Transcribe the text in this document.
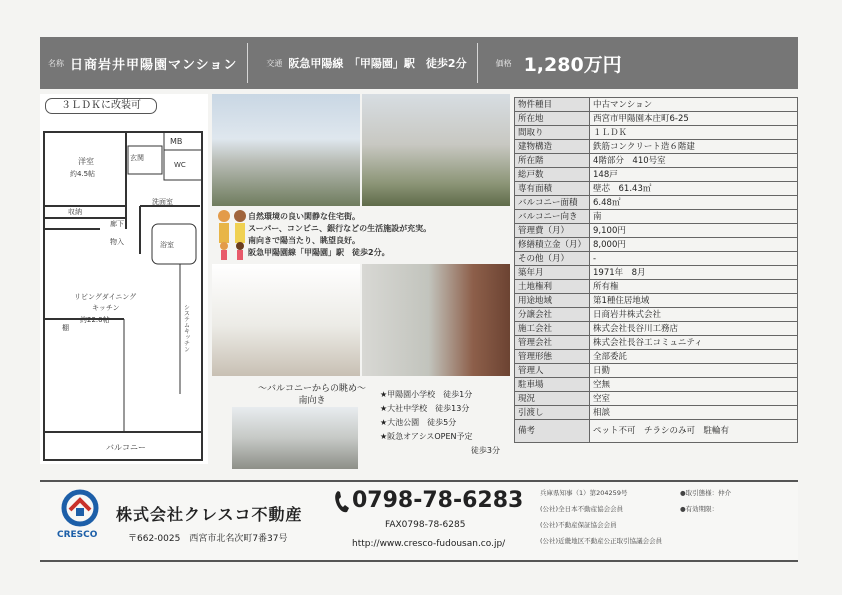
名称 日商岩井甲陽園マンション	交通 阪急甲陽線　「甲陽園」駅　徒歩2分	価格 1,280万円
洋室
約4.5帖
MB
WC
玄関
洗面室
収納
廊下
浴室
物入
リビングダイニング
キッチン
約22.0帖
棚	システムキッチン
バルコニー
３ＬＤＫに改装可
自然環境の良い閑静な住宅街。
スーパー、コンビニ、銀行などの生活施設が充実。
南向きで陽当たり、眺望良好。
阪急甲陽園線「甲陽園」駅　徒歩2分。
～バルコニーからの眺め～
南向き
★甲陽園小学校　徒歩1分
★大社中学校　徒歩13分
★大池公園　徒歩5分
★阪急オアシスOPEN予定
徒歩3分
物件種目	中古マンション
所在地	西宮市甲陽園本庄町6-25
間取り	１ＬＤＫ
建物構造	鉄筋コンクリート造６階建
所在階	4階部分　410号室
総戸数	148戸
専有面積	壁芯　61.43㎡
バルコニー面積	6.48㎡
バルコニー向き	南
管理費（月）	9,100円
修繕積立金（月）	8,000円
その他（月）	-
築年月	1971年　8月
土地権利	所有権
用途地域	第1種住居地域
分譲会社	日商岩井株式会社
施工会社	株式会社長谷川工務店
管理会社	株式会社長谷工コミュニティ
管理形態	全部委託
管理人	日勤
駐車場	空無
現況	空室
引渡し	相談
備考	ペット不可　チラシのみ可　駐輪有
CRESCO
株式会社クレスコ不動産
〒662-0025　西宮市北名次町7番37号
0798-78-6283
FAX0798-78-6285
http://www.cresco-fudousan.co.jp/
兵庫県知事（1）第204259号
(公社)全日本不動産協会会員
(公社)不動産保証協会会員
(公社)近畿地区不動産公正取引協議会会員
●取引態様：仲介
●有効期限：
